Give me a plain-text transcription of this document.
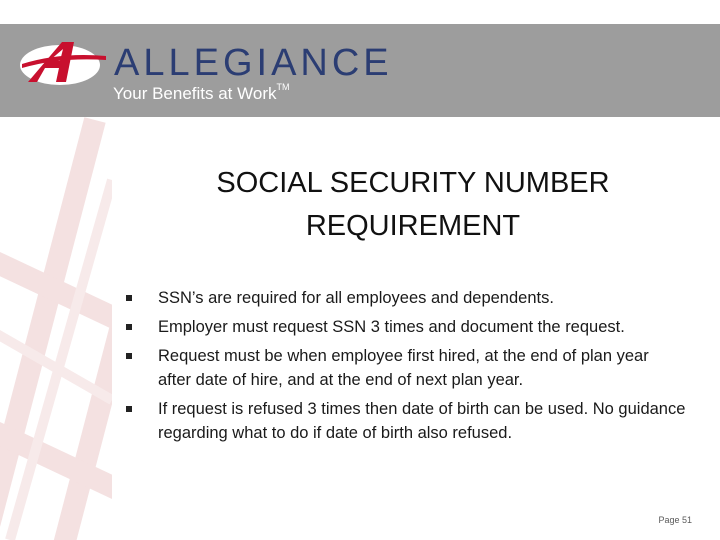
ALLEGIANCE
Your Benefits at Work™
SOCIAL SECURITY NUMBER REQUIREMENT
SSN’s are required for all employees and dependents.
Employer must request SSN 3 times and document the request.
Request must be when employee first hired, at the end of plan year after date of hire, and at the end of next plan year.
If request is refused 3 times then date of birth can be used. No guidance regarding what to do if date of birth also refused.
Page 51
